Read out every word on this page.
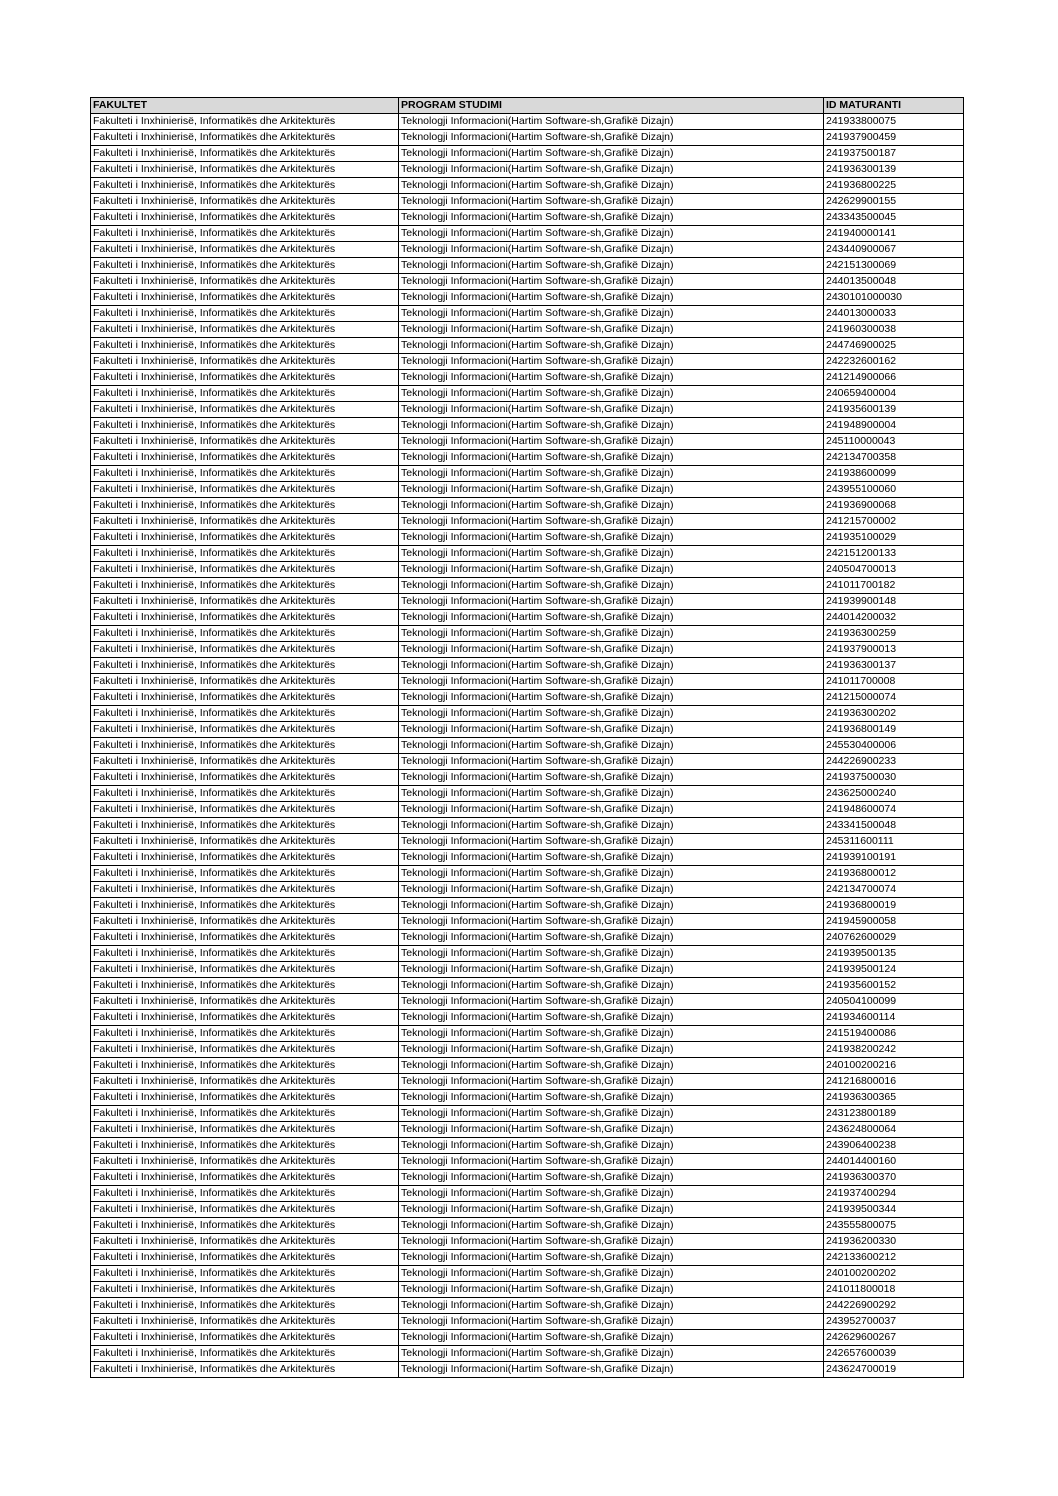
FAKULTET	PROGRAM STUDIMI	ID MATURANTI
Fakulteti i Inxhinierisë, Informatikës dhe Arkitekturës	Teknologji Informacioni(Hartim Software-sh,Grafikë Dizajn)	241933800075
Fakulteti i Inxhinierisë, Informatikës dhe Arkitekturës	Teknologji Informacioni(Hartim Software-sh,Grafikë Dizajn)	241937900459
Fakulteti i Inxhinierisë, Informatikës dhe Arkitekturës	Teknologji Informacioni(Hartim Software-sh,Grafikë Dizajn)	241937500187
Fakulteti i Inxhinierisë, Informatikës dhe Arkitekturës	Teknologji Informacioni(Hartim Software-sh,Grafikë Dizajn)	241936300139
Fakulteti i Inxhinierisë, Informatikës dhe Arkitekturës	Teknologji Informacioni(Hartim Software-sh,Grafikë Dizajn)	241936800225
Fakulteti i Inxhinierisë, Informatikës dhe Arkitekturës	Teknologji Informacioni(Hartim Software-sh,Grafikë Dizajn)	242629900155
Fakulteti i Inxhinierisë, Informatikës dhe Arkitekturës	Teknologji Informacioni(Hartim Software-sh,Grafikë Dizajn)	243343500045
Fakulteti i Inxhinierisë, Informatikës dhe Arkitekturës	Teknologji Informacioni(Hartim Software-sh,Grafikë Dizajn)	241940000141
Fakulteti i Inxhinierisë, Informatikës dhe Arkitekturës	Teknologji Informacioni(Hartim Software-sh,Grafikë Dizajn)	243440900067
Fakulteti i Inxhinierisë, Informatikës dhe Arkitekturës	Teknologji Informacioni(Hartim Software-sh,Grafikë Dizajn)	242151300069
Fakulteti i Inxhinierisë, Informatikës dhe Arkitekturës	Teknologji Informacioni(Hartim Software-sh,Grafikë Dizajn)	244013500048
Fakulteti i Inxhinierisë, Informatikës dhe Arkitekturës	Teknologji Informacioni(Hartim Software-sh,Grafikë Dizajn)	2430101000030
Fakulteti i Inxhinierisë, Informatikës dhe Arkitekturës	Teknologji Informacioni(Hartim Software-sh,Grafikë Dizajn)	244013000033
Fakulteti i Inxhinierisë, Informatikës dhe Arkitekturës	Teknologji Informacioni(Hartim Software-sh,Grafikë Dizajn)	241960300038
Fakulteti i Inxhinierisë, Informatikës dhe Arkitekturës	Teknologji Informacioni(Hartim Software-sh,Grafikë Dizajn)	244746900025
Fakulteti i Inxhinierisë, Informatikës dhe Arkitekturës	Teknologji Informacioni(Hartim Software-sh,Grafikë Dizajn)	242232600162
Fakulteti i Inxhinierisë, Informatikës dhe Arkitekturës	Teknologji Informacioni(Hartim Software-sh,Grafikë Dizajn)	241214900066
Fakulteti i Inxhinierisë, Informatikës dhe Arkitekturës	Teknologji Informacioni(Hartim Software-sh,Grafikë Dizajn)	240659400004
Fakulteti i Inxhinierisë, Informatikës dhe Arkitekturës	Teknologji Informacioni(Hartim Software-sh,Grafikë Dizajn)	241935600139
Fakulteti i Inxhinierisë, Informatikës dhe Arkitekturës	Teknologji Informacioni(Hartim Software-sh,Grafikë Dizajn)	241948900004
Fakulteti i Inxhinierisë, Informatikës dhe Arkitekturës	Teknologji Informacioni(Hartim Software-sh,Grafikë Dizajn)	245110000043
Fakulteti i Inxhinierisë, Informatikës dhe Arkitekturës	Teknologji Informacioni(Hartim Software-sh,Grafikë Dizajn)	242134700358
Fakulteti i Inxhinierisë, Informatikës dhe Arkitekturës	Teknologji Informacioni(Hartim Software-sh,Grafikë Dizajn)	241938600099
Fakulteti i Inxhinierisë, Informatikës dhe Arkitekturës	Teknologji Informacioni(Hartim Software-sh,Grafikë Dizajn)	243955100060
Fakulteti i Inxhinierisë, Informatikës dhe Arkitekturës	Teknologji Informacioni(Hartim Software-sh,Grafikë Dizajn)	241936900068
Fakulteti i Inxhinierisë, Informatikës dhe Arkitekturës	Teknologji Informacioni(Hartim Software-sh,Grafikë Dizajn)	241215700002
Fakulteti i Inxhinierisë, Informatikës dhe Arkitekturës	Teknologji Informacioni(Hartim Software-sh,Grafikë Dizajn)	241935100029
Fakulteti i Inxhinierisë, Informatikës dhe Arkitekturës	Teknologji Informacioni(Hartim Software-sh,Grafikë Dizajn)	242151200133
Fakulteti i Inxhinierisë, Informatikës dhe Arkitekturës	Teknologji Informacioni(Hartim Software-sh,Grafikë Dizajn)	240504700013
Fakulteti i Inxhinierisë, Informatikës dhe Arkitekturës	Teknologji Informacioni(Hartim Software-sh,Grafikë Dizajn)	241011700182
Fakulteti i Inxhinierisë, Informatikës dhe Arkitekturës	Teknologji Informacioni(Hartim Software-sh,Grafikë Dizajn)	241939900148
Fakulteti i Inxhinierisë, Informatikës dhe Arkitekturës	Teknologji Informacioni(Hartim Software-sh,Grafikë Dizajn)	244014200032
Fakulteti i Inxhinierisë, Informatikës dhe Arkitekturës	Teknologji Informacioni(Hartim Software-sh,Grafikë Dizajn)	241936300259
Fakulteti i Inxhinierisë, Informatikës dhe Arkitekturës	Teknologji Informacioni(Hartim Software-sh,Grafikë Dizajn)	241937900013
Fakulteti i Inxhinierisë, Informatikës dhe Arkitekturës	Teknologji Informacioni(Hartim Software-sh,Grafikë Dizajn)	241936300137
Fakulteti i Inxhinierisë, Informatikës dhe Arkitekturës	Teknologji Informacioni(Hartim Software-sh,Grafikë Dizajn)	241011700008
Fakulteti i Inxhinierisë, Informatikës dhe Arkitekturës	Teknologji Informacioni(Hartim Software-sh,Grafikë Dizajn)	241215000074
Fakulteti i Inxhinierisë, Informatikës dhe Arkitekturës	Teknologji Informacioni(Hartim Software-sh,Grafikë Dizajn)	241936300202
Fakulteti i Inxhinierisë, Informatikës dhe Arkitekturës	Teknologji Informacioni(Hartim Software-sh,Grafikë Dizajn)	241936800149
Fakulteti i Inxhinierisë, Informatikës dhe Arkitekturës	Teknologji Informacioni(Hartim Software-sh,Grafikë Dizajn)	245530400006
Fakulteti i Inxhinierisë, Informatikës dhe Arkitekturës	Teknologji Informacioni(Hartim Software-sh,Grafikë Dizajn)	244226900233
Fakulteti i Inxhinierisë, Informatikës dhe Arkitekturës	Teknologji Informacioni(Hartim Software-sh,Grafikë Dizajn)	241937500030
Fakulteti i Inxhinierisë, Informatikës dhe Arkitekturës	Teknologji Informacioni(Hartim Software-sh,Grafikë Dizajn)	243625000240
Fakulteti i Inxhinierisë, Informatikës dhe Arkitekturës	Teknologji Informacioni(Hartim Software-sh,Grafikë Dizajn)	241948600074
Fakulteti i Inxhinierisë, Informatikës dhe Arkitekturës	Teknologji Informacioni(Hartim Software-sh,Grafikë Dizajn)	243341500048
Fakulteti i Inxhinierisë, Informatikës dhe Arkitekturës	Teknologji Informacioni(Hartim Software-sh,Grafikë Dizajn)	245311600111
Fakulteti i Inxhinierisë, Informatikës dhe Arkitekturës	Teknologji Informacioni(Hartim Software-sh,Grafikë Dizajn)	241939100191
Fakulteti i Inxhinierisë, Informatikës dhe Arkitekturës	Teknologji Informacioni(Hartim Software-sh,Grafikë Dizajn)	241936800012
Fakulteti i Inxhinierisë, Informatikës dhe Arkitekturës	Teknologji Informacioni(Hartim Software-sh,Grafikë Dizajn)	242134700074
Fakulteti i Inxhinierisë, Informatikës dhe Arkitekturës	Teknologji Informacioni(Hartim Software-sh,Grafikë Dizajn)	241936800019
Fakulteti i Inxhinierisë, Informatikës dhe Arkitekturës	Teknologji Informacioni(Hartim Software-sh,Grafikë Dizajn)	241945900058
Fakulteti i Inxhinierisë, Informatikës dhe Arkitekturës	Teknologji Informacioni(Hartim Software-sh,Grafikë Dizajn)	240762600029
Fakulteti i Inxhinierisë, Informatikës dhe Arkitekturës	Teknologji Informacioni(Hartim Software-sh,Grafikë Dizajn)	241939500135
Fakulteti i Inxhinierisë, Informatikës dhe Arkitekturës	Teknologji Informacioni(Hartim Software-sh,Grafikë Dizajn)	241939500124
Fakulteti i Inxhinierisë, Informatikës dhe Arkitekturës	Teknologji Informacioni(Hartim Software-sh,Grafikë Dizajn)	241935600152
Fakulteti i Inxhinierisë, Informatikës dhe Arkitekturës	Teknologji Informacioni(Hartim Software-sh,Grafikë Dizajn)	240504100099
Fakulteti i Inxhinierisë, Informatikës dhe Arkitekturës	Teknologji Informacioni(Hartim Software-sh,Grafikë Dizajn)	241934600114
Fakulteti i Inxhinierisë, Informatikës dhe Arkitekturës	Teknologji Informacioni(Hartim Software-sh,Grafikë Dizajn)	241519400086
Fakulteti i Inxhinierisë, Informatikës dhe Arkitekturës	Teknologji Informacioni(Hartim Software-sh,Grafikë Dizajn)	241938200242
Fakulteti i Inxhinierisë, Informatikës dhe Arkitekturës	Teknologji Informacioni(Hartim Software-sh,Grafikë Dizajn)	240100200216
Fakulteti i Inxhinierisë, Informatikës dhe Arkitekturës	Teknologji Informacioni(Hartim Software-sh,Grafikë Dizajn)	241216800016
Fakulteti i Inxhinierisë, Informatikës dhe Arkitekturës	Teknologji Informacioni(Hartim Software-sh,Grafikë Dizajn)	241936300365
Fakulteti i Inxhinierisë, Informatikës dhe Arkitekturës	Teknologji Informacioni(Hartim Software-sh,Grafikë Dizajn)	243123800189
Fakulteti i Inxhinierisë, Informatikës dhe Arkitekturës	Teknologji Informacioni(Hartim Software-sh,Grafikë Dizajn)	243624800064
Fakulteti i Inxhinierisë, Informatikës dhe Arkitekturës	Teknologji Informacioni(Hartim Software-sh,Grafikë Dizajn)	243906400238
Fakulteti i Inxhinierisë, Informatikës dhe Arkitekturës	Teknologji Informacioni(Hartim Software-sh,Grafikë Dizajn)	244014400160
Fakulteti i Inxhinierisë, Informatikës dhe Arkitekturës	Teknologji Informacioni(Hartim Software-sh,Grafikë Dizajn)	241936300370
Fakulteti i Inxhinierisë, Informatikës dhe Arkitekturës	Teknologji Informacioni(Hartim Software-sh,Grafikë Dizajn)	241937400294
Fakulteti i Inxhinierisë, Informatikës dhe Arkitekturës	Teknologji Informacioni(Hartim Software-sh,Grafikë Dizajn)	241939500344
Fakulteti i Inxhinierisë, Informatikës dhe Arkitekturës	Teknologji Informacioni(Hartim Software-sh,Grafikë Dizajn)	243555800075
Fakulteti i Inxhinierisë, Informatikës dhe Arkitekturës	Teknologji Informacioni(Hartim Software-sh,Grafikë Dizajn)	241936200330
Fakulteti i Inxhinierisë, Informatikës dhe Arkitekturës	Teknologji Informacioni(Hartim Software-sh,Grafikë Dizajn)	242133600212
Fakulteti i Inxhinierisë, Informatikës dhe Arkitekturës	Teknologji Informacioni(Hartim Software-sh,Grafikë Dizajn)	240100200202
Fakulteti i Inxhinierisë, Informatikës dhe Arkitekturës	Teknologji Informacioni(Hartim Software-sh,Grafikë Dizajn)	241011800018
Fakulteti i Inxhinierisë, Informatikës dhe Arkitekturës	Teknologji Informacioni(Hartim Software-sh,Grafikë Dizajn)	244226900292
Fakulteti i Inxhinierisë, Informatikës dhe Arkitekturës	Teknologji Informacioni(Hartim Software-sh,Grafikë Dizajn)	243952700037
Fakulteti i Inxhinierisë, Informatikës dhe Arkitekturës	Teknologji Informacioni(Hartim Software-sh,Grafikë Dizajn)	242629600267
Fakulteti i Inxhinierisë, Informatikës dhe Arkitekturës	Teknologji Informacioni(Hartim Software-sh,Grafikë Dizajn)	242657600039
Fakulteti i Inxhinierisë, Informatikës dhe Arkitekturës	Teknologji Informacioni(Hartim Software-sh,Grafikë Dizajn)	243624700019
